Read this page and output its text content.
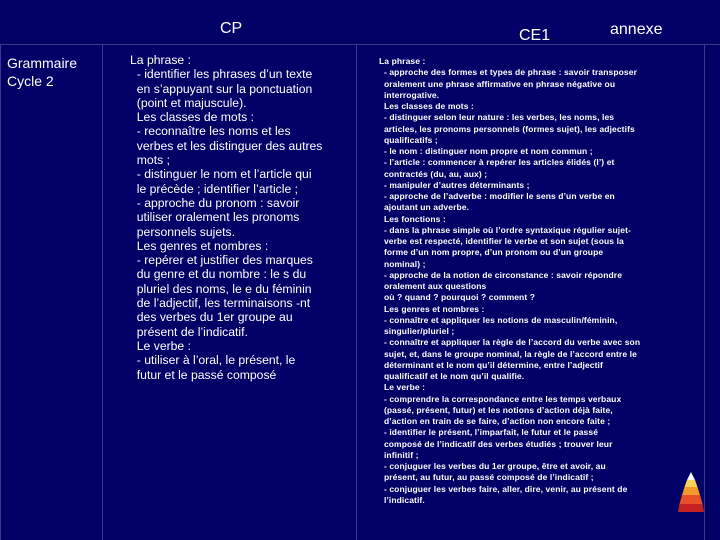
CP	CE1	annexe
Grammaire
Cycle 2
La phrase :
- identifier les phrases d’un texte
en s’appuyant sur la ponctuation
(point et majuscule).
Les classes de mots :
- reconnaître les noms et les
verbes et les distinguer des autres
mots ;
- distinguer le nom et l’article qui
le précède ; identifier l’article ;
- approche du pronom : savoir
utiliser oralement les pronoms
personnels sujets.
Les genres et nombres :
- repérer et justifier des marques
du genre et du nombre : le s du
pluriel des noms, le e du féminin
de l’adjectif, les terminaisons -nt
des verbes du 1er groupe au
présent de l’indicatif.
Le verbe :
- utiliser à l’oral, le présent, le
futur et le passé composé
La phrase :
- approche des formes et types de phrase : savoir transposer
oralement une phrase affirmative en phrase négative ou
interrogative.
Les classes de mots :
- distinguer selon leur nature : les verbes, les noms, les
articles, les pronoms personnels (formes sujet), les adjectifs
qualificatifs ;
- le nom : distinguer nom propre et nom commun ;
- l’article : commencer à repérer les articles élidés (l’) et
contractés (du, au, aux) ;
- manipuler d’autres déterminants ;
- approche de l’adverbe : modifier le sens d’un verbe en
ajoutant un adverbe.
Les fonctions :
- dans la phrase simple où l’ordre syntaxique régulier sujet-
verbe est respecté, identifier le verbe et son sujet (sous la
forme d’un nom propre, d’un pronom ou d’un groupe
nominal) ;
- approche de la notion de circonstance : savoir répondre
oralement aux questions
où ? quand ? pourquoi ? comment ?
Les genres et nombres :
- connaître et appliquer les notions de masculin/féminin,
singulier/pluriel ;
- connaître et appliquer la règle de l’accord du verbe avec son
sujet, et, dans le groupe nominal, la règle de l’accord entre le
déterminant et le nom qu’il détermine, entre l’adjectif
qualificatif et le nom qu’il qualifie.
Le verbe :
- comprendre la correspondance entre les temps verbaux
(passé, présent, futur) et les notions d’action déjà faite,
d’action en train de se faire, d’action non encore faite ;
- identifier le présent, l’imparfait, le futur et le passé
composé de l’indicatif des verbes étudiés ; trouver leur
infinitif ;
- conjuguer les verbes du 1er groupe, être et avoir, au
présent, au futur, au passé composé de l’indicatif ;
- conjuguer les verbes faire, aller, dire, venir, au présent de
l’indicatif.
